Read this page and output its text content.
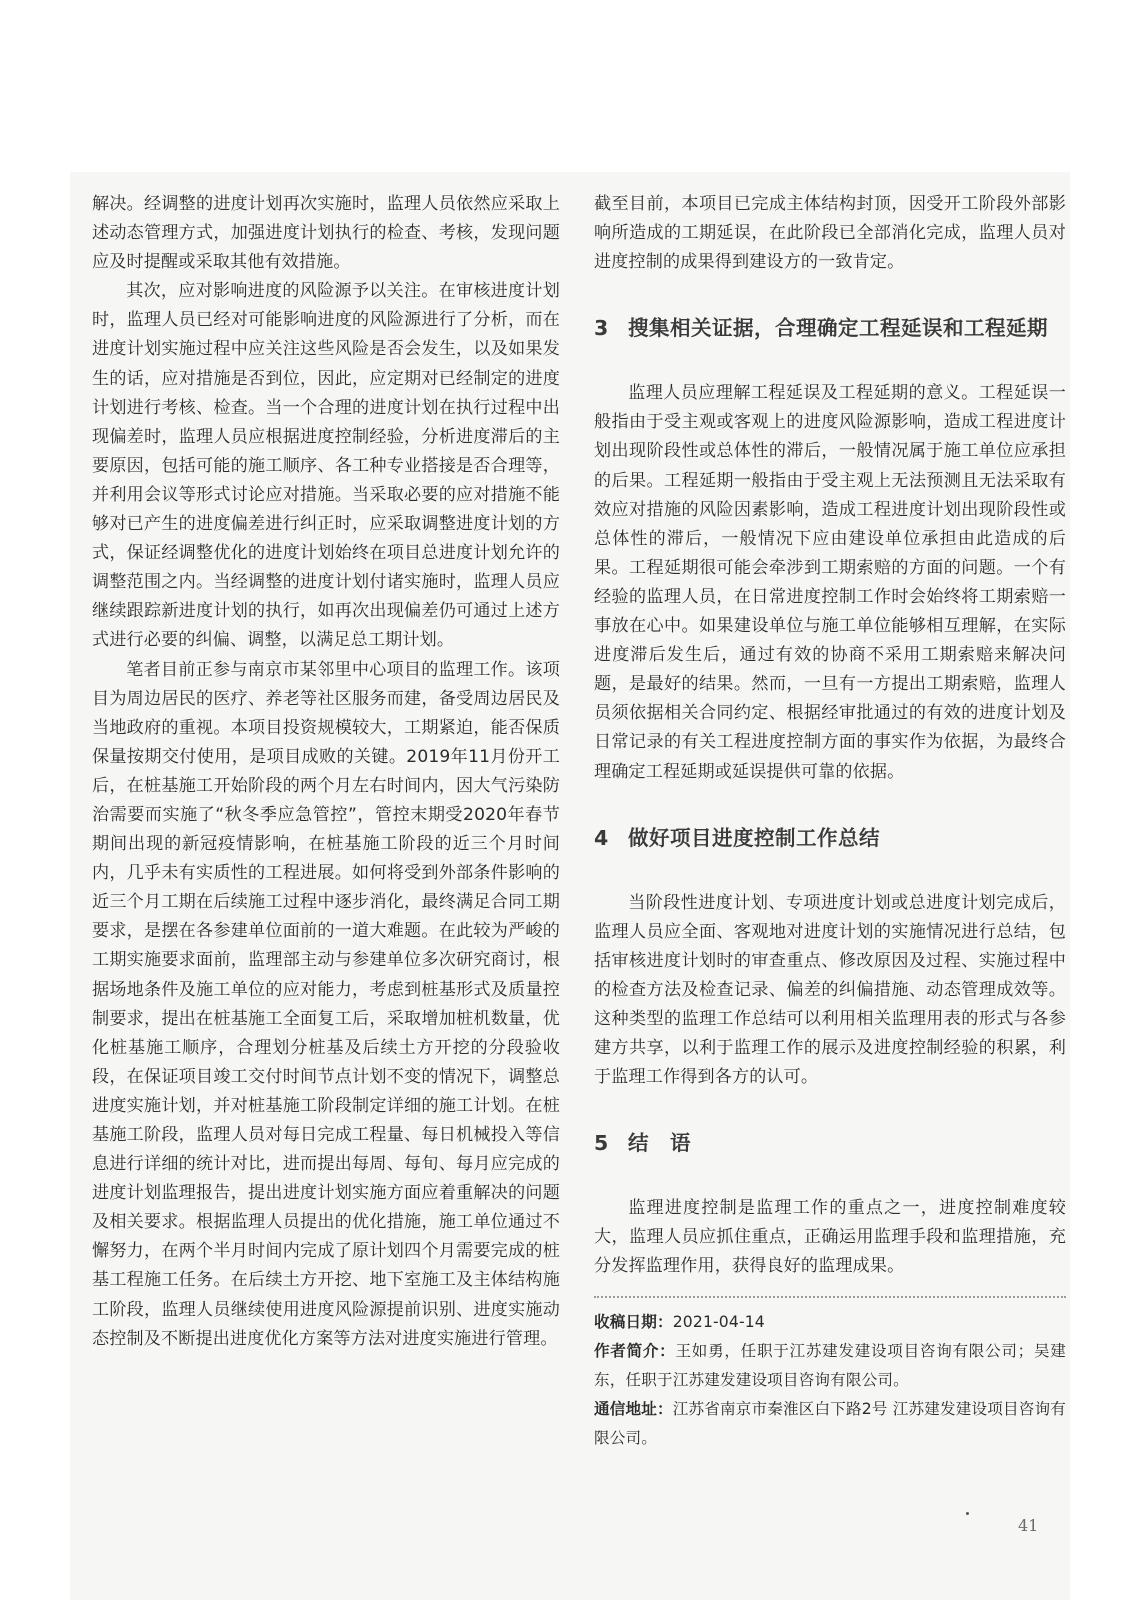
解决。经调整的进度计划再次实施时，监理人员依然应采取上述动态管理方式，加强进度计划执行的检查、考核，发现问题应及时提醒或采取其他有效措施。

其次，应对影响进度的风险源予以关注。在审核进度计划时，监理人员已经对可能影响进度的风险源进行了分析，而在进度计划实施过程中应关注这些风险是否会发生，以及如果发生的话，应对措施是否到位，因此，应定期对已经制定的进度计划进行考核、检查。当一个合理的进度计划在执行过程中出现偏差时，监理人员应根据进度控制经验，分析进度滞后的主要原因，包括可能的施工顺序、各工种专业搭接是否合理等，并利用会议等形式讨论应对措施。当采取必要的应对措施不能够对已产生的进度偏差进行纠正时，应采取调整进度计划的方式，保证经调整优化的进度计划始终在项目总进度计划允许的调整范围之内。当经调整的进度计划付诸实施时，监理人员应继续跟踪新进度计划的执行，如再次出现偏差仍可通过上述方式进行必要的纠偏、调整，以满足总工期计划。

笔者目前正参与南京市某邻里中心项目的监理工作。该项目为周边居民的医疗、养老等社区服务而建，备受周边居民及当地政府的重视。本项目投资规模较大，工期紧迫，能否保质保量按期交付使用，是项目成败的关键。2019年11月份开工后，在桩基施工开始阶段的两个月左右时间内，因大气污染防治需要而实施了“秋冬季应急管控”，管控末期受2020年春节期间出现的新冠疫情影响，在桩基施工阶段的近三个月时间内，几乎未有实质性的工程进展。如何将受到外部条件影响的近三个月工期在后续施工过程中逐步消化，最终满足合同工期要求，是摆在各参建单位面前的一道大难题。在此较为严峻的工期实施要求面前，监理部主动与参建单位多次研究商讨，根据场地条件及施工单位的应对能力，考虑到桩基形式及质量控制要求，提出在桩基施工全面复工后，采取增加桩机数量，优化桩基施工顺序，合理划分桩基及后续土方开挖的分段验收段，在保证项目竣工交付时间节点计划不变的情况下，调整总进度实施计划，并对桩基施工阶段制定详细的施工计划。在桩基施工阶段，监理人员对每日完成工程量、每日机械投入等信息进行详细的统计对比，进而提出每周、每旬、每月应完成的进度计划监理报告，提出进度计划实施方面应着重解决的问题及相关要求。根据监理人员提出的优化措施，施工单位通过不懈努力，在两个半月时间内完成了原计划四个月需要完成的桩基工程施工任务。在后续土方开挖、地下室施工及主体结构施工阶段，监理人员继续使用进度风险源提前识别、进度实施动态控制及不断提出进度优化方案等方法对进度实施进行管理。

截至目前，本项目已完成主体结构封顶，因受开工阶段外部影响所造成的工期延误，在此阶段已全部消化完成，监理人员对进度控制的成果得到建设方的一致肯定。

3 搜集相关证据，合理确定工程延误和工程延期

监理人员应理解工程延误及工程延期的意义。工程延误一般指由于受主观或客观上的进度风险源影响，造成工程进度计划出现阶段性或总体性的滞后，一般情况属于施工单位应承担的后果。工程延期一般指由于受主观上无法预测且无法采取有效应对措施的风险因素影响，造成工程进度计划出现阶段性或总体性的滞后，一般情况下应由建设单位承担由此造成的后果。工程延期很可能会牵涉到工期索赔的方面的问题。一个有经验的监理人员，在日常进度控制工作时会始终将工期索赔一事放在心中。如果建设单位与施工单位能够相互理解，在实际进度滞后发生后，通过有效的协商不采用工期索赔来解决问题，是最好的结果。然而，一旦有一方提出工期索赔，监理人员须依据相关合同约定、根据经审批通过的有效的进度计划及日常记录的有关工程进度控制方面的事实作为依据，为最终合理确定工程延期或延误提供可靠的依据。

4 做好项目进度控制工作总结

当阶段性进度计划、专项进度计划或总进度计划完成后，监理人员应全面、客观地对进度计划的实施情况进行总结，包括审核进度计划时的审查重点、修改原因及过程、实施过程中的检查方法及检查记录、偏差的纠偏措施、动态管理成效等。这种类型的监理工作总结可以利用相关监理用表的形式与各参建方共享，以利于监理工作的展示及进度控制经验的积累，利于监理工作得到各方的认可。

5 结　语

监理进度控制是监理工作的重点之一，进度控制难度较大，监理人员应抓住重点，正确运用监理手段和监理措施，充分发挥监理作用，获得良好的监理成果。

收稿日期：2021-04-14

作者简介：王如勇，任职于江苏建发建设项目咨询有限公司；吴建东，任职于江苏建发建设项目咨询有限公司。

通信地址：江苏省南京市秦淮区白下路2号 江苏建发建设项目咨询有限公司。

41
